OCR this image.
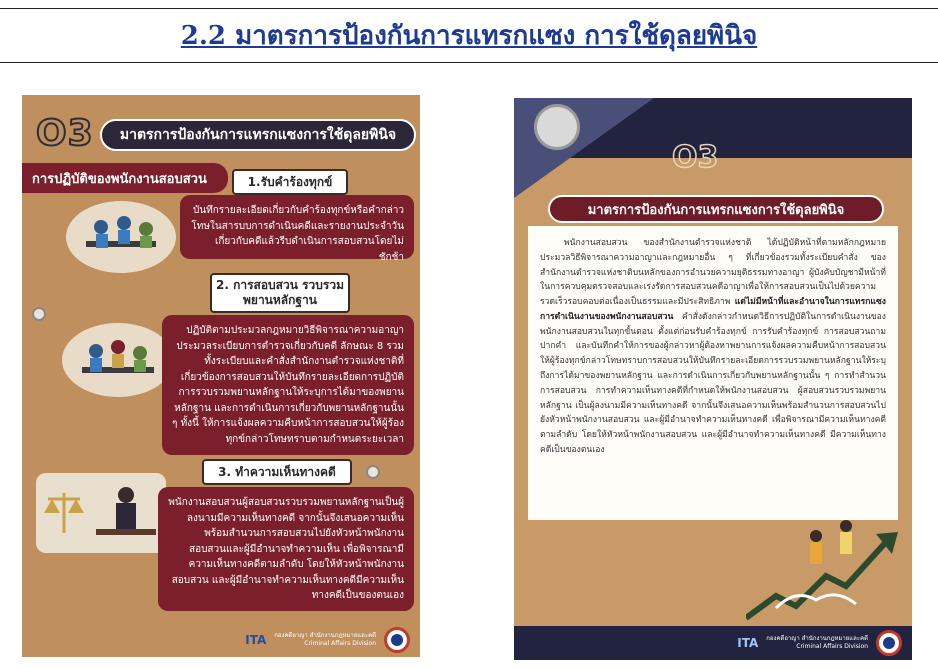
2.2 มาตรการป้องกันการแทรกแซง การใช้ดุลยพินิจ
O3	มาตรการป้องกันการแทรกแซงการใช้ดุลยพินิจ
การปฏิบัติของพนักงานสอบสวน	1.รับคำร้องทุกข์
บันทึกรายละเอียดเกี่ยวกับคำร้องทุกข์หรือคำกล่าวโทษในสารบบการดำเนินคดีและรายงานประจำวันเกี่ยวกับคดีแล้วรีบดำเนินการสอบสวนโดยไม่ชักช้า
2. การสอบสวน รวบรวม พยานหลักฐาน
ปฏิบัติตามประมวลกฎหมายวิธีพิจารณาความอาญา ประมวลระเบียบการตำรวจเกี่ยวกับคดี ลักษณะ 8 รวมทั้งระเบียบและคำสั่งสำนักงานตำรวจแห่งชาติที่เกี่ยวข้องการสอบสวนให้บันทึกรายละเอียดการปฏิบัติการรวบรวมพยานหลักฐานให้ระบุการได้มาของพยานหลักฐาน และการดำเนินการเกี่ยวกับพยานหลักฐานนั้น ๆ ทั้งนี้ ให้การแจ้งผลความคืบหน้าการสอบสวนให้ผู้ร้องทุกข์กล่าวโทษทราบตามกำหนดระยะเวลา
3. ทำความเห็นทางคดี
พนักงานสอบสวนผู้สอบสวนรวบรวมพยานหลักฐานเป็นผู้ลงนามมีความเห็นทางคดี จากนั้นจึงเสนอความเห็นพร้อมสำนวนการสอบสวนไปยังหัวหน้าพนักงานสอบสวนและผู้มีอำนาจทำความเห็น เพื่อพิจารณามีความเห็นทางคดีตามลำดับ โดยให้หัวหน้าพนักงานสอบสวน และผู้มีอำนาจทำความเห็นทางคดีมีความเห็นทางคดีเป็นของตนเอง
ITA กองคดีอาญา สำนักงานกฎหมายและคดี
Criminal Affairs Division
O3
มาตรการป้องกันการแทรกแซงการใช้ดุลยพินิจ
พนักงานสอบสวน ของสำนักงานตำรวจแห่งชาติ ได้ปฏิบัติหน้าที่ตามหลักกฎหมายประมวลวิธีพิจารณาความอาญาและกฎหมายอื่น ๆ ที่เกี่ยวข้องรวมทั้งระเบียบคำสั่ง ของสำนักงานตำรวจแห่งชาติบนหลักของการอำนวยความยุติธรรมทางอาญา ผู้บังคับบัญชามีหน้าที่ในการควบคุมตรวจสอบและเร่งรัดการสอบสวนคดีอาญาเพื่อให้การสอบสวนเป็นไปด้วยความรวดเร็วรอบคอบต่อเนื่องเป็นธรรมและมีประสิทธิภาพ แต่ไม่มีหน้าที่และอำนาจในการแทรกแซงการดำเนินงานของพนักงานสอบสวน คำสั่งดังกล่าวกำหนดวิธีการปฏิบัติในการดำเนินงานของพนักงานสอบสวนในทุกขั้นตอน ตั้งแต่ก่อนรับคำร้องทุกข์ การรับคำร้องทุกข์ การสอบสวนถามปากคำ และบันทึกคำให้การของผู้กล่าวหาผู้ต้องหาพยานการแจ้งผลความคืบหน้าการสอบสวนให้ผู้ร้องทุกข์กล่าวโทษทราบการสอบสวนให้บันทึกรายละเอียดการรวบรวมพยานหลักฐานให้ระบุถึงการได้มาของพยานหลักฐาน และการดำเนินการเกี่ยวกับพยานหลักฐานนั้น ๆ การทำสำนวนการสอบสวน การทำความเห็นทางคดีที่กำหนดให้พนักงานสอบสวน ผู้สอบสวนรวบรวมพยานหลักฐาน เป็นผู้ลงนามมีความเห็นทางคดี จากนั้นจึงเสนอความเห็นพร้อมสำนวนการสอบสวนไปยังหัวหน้าพนักงานสอบสวน และผู้มีอำนาจทำความเห็นทางคดี เพื่อพิจารณามีความเห็นทางคดีตามลำดับ โดยให้หัวหน้าพนักงานสอบสวน และผู้มีอำนาจทำความเห็นทางคดี มีความเห็นทางคดีเป็นของตนเอง
ITA กองคดีอาญา สำนักงานกฎหมายและคดี
Criminal Affairs Division
